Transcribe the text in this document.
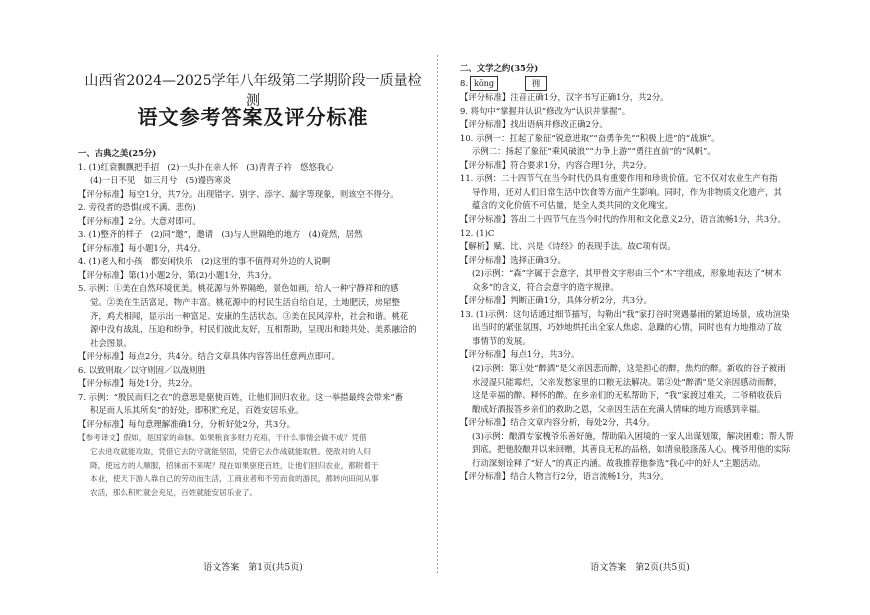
山西省2024—2025学年八年级第二学期阶段一质量检测
语文参考答案及评分标准
一、古典之美(25分)
1. (1)红衰飘飘把手招　(2)一头扑在亲人怀　(3)青青子衿　悠悠我心
(4)一日不见　如三月兮　(5)谩咨寒炎
【评分标准】每空1分，共7分。出现错字、别字、添字、漏字等现象，则该空不得分。
2. 旁役者的恐惧(或不满、悲伤)
【评分标准】2分。大意对即可。
3. (1)整齐的样子　(2)同“邀”，邀请　(3)与人世隔绝的地方　(4)竟然，居然
【评分标准】每小题1分，共4分。
4. (1)老人和小孩　都安闲快乐　(2)这里的事不值得对外边的人说啊
【评分标准】第(1)小题2分，第(2)小题1分，共3分。
5. 示例：①美在自然环境优美。桃花源与外界隔绝，景色如画，给人一种宁静祥和的感
觉。②美在生活富足，物产丰富。桃花源中的村民生活自给自足，土地肥沃，房屋整
齐，鸡犬相闻，显示出一种富足、安康的生活状态。③美在民风淳朴，社会和谐。桃花
源中没有战乱，压迫和纷争，村民们彼此友好，互相帮助，呈现出和睦共处、美系融洽的
社会图景。
【评分标准】每点2分，共4分。结合文章具体内容答出任意两点即可。
6. 以致则取／以守则固／以战则胜
【评分标准】每处1分，共2分。
7. 示例：“殷民而归之衣”的意思是驱使百姓，让他们回归农业。这一举措最终会带来“畜
积足而人乐其所矣”的好处，即积贮充足，百姓安居乐业。
【评分标准】每句意理解准确1分，分析好处2分，共3分。
【参考译文】假如，是国家的命脉。如果粮食多财力充裕，干什么事情会做不成？凭借
它去进攻就能攻取，凭借它去防守就能坚固，凭借它去作战就能取胜。使敌对的人归
降，使远方的人顺服，招徕而不来呢？现在如果驱使百姓，让他们回归农业，都附着于
本业，使天下游人靠自己的劳动而生活，工商业者和不劳而食的游民，都转向田间从事
农活，那么积贮就会充足，百姓就能安居乐业了。
语文答案　第1页(共5页)
二、文学之约(35分)
8. kōng	拥
【评分标准】注音正确1分，汉字书写正确1分，共2分。
9. 将句中“掌握并认识”修改为“认识并掌握”。
【评分标准】找出语病并修改正确2分。
10. 示例一：扛起了象征“锐意进取”“奋勇争先”“积极上进”的“战旗”。
示例二：扬起了象征“乘风破浪”“力争上游”“勇往直前”的“风帆”。
【评分标准】符合要求1分，内容合理1分，共2分。
11. 示例：二十四节气在当今时代仍具有重要作用和珍贵价值。它不仅对农业生产有指
导作用，还对人们日常生活中饮食等方面产生影响。同时，作为非物质文化遗产，其
蕴含的文化价值不可估量，是全人类共同的文化瑰宝。
【评分标准】答出二十四节气在当今时代的作用和文化意义2分，语言流畅1分，共3分。
12. (1)C
【解析】赋、比、兴是《诗经》的表现手法。故C项有误。
【评分标准】选择正确3分。
(2)示例：“森”字属于会意字，其甲骨文字形由三个“木”字组成，形象地表达了“树木
众多”的含义，符合会意字的造字规律。
【评分标准】判断正确1分，具体分析2分，共3分。
13. (1)示例：这句话通过细节描写，勾勒出“我”家打谷时突遇暴雨的紧迫场景，成功渲染
出当时的紧张氛围，巧妙地烘托出全家人焦虑、急躁的心情，同时也有力地推动了故
事情节的发展。
【评分标准】每点1分，共3分。
(2)示例：第①处“醉酒”是父亲因悲而醉，这是担心的醉，焦灼的醉。新收的谷子被雨
水浸湿只能霉烂，父亲发愁家里的口粮无法解决。第②处“醉酒”是父亲因感动而醉，
这是幸福的醉、释怀的醉。在乡亲们的无私帮助下，“我”家渡过难关，二爷稍收获后
酿成好酒报答乡亲们的救助之恩，父亲因生活在充满人情味的地方而感到幸福。
【评分标准】结合文章内容分析，每处2分，共4分。
(3)示例：酿酒专家槐爷乐善好施，帮助陷入困境的一家人出谋划策，解决困难；帮人帮
到底，把他胶酿并以来回赠，其善良无私的品格，如清泉般涤荡人心。槐爷用他的实际
行动深刻诠释了“好人”的真正内涵。故我推荐他参选“我心中的好人”主题活动。
【评分标准】结合人物言行2分，语言流畅1分，共3分。
语文答案　第2页(共5页)
